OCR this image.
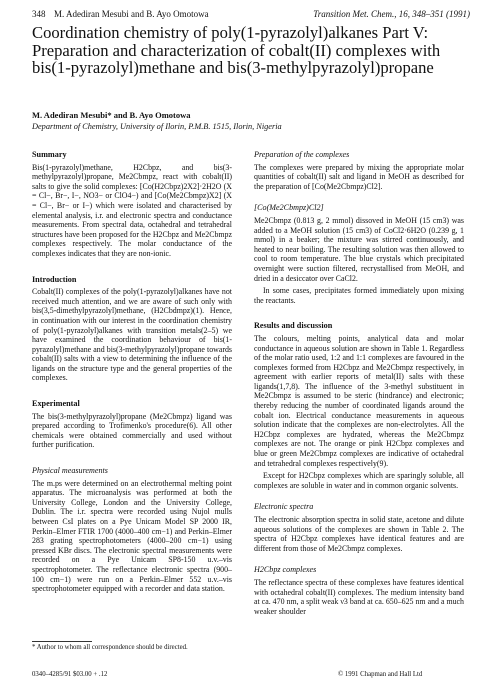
348 M. Adediran Mesubi and B. Ayo Omotowa	Transition Met. Chem., 16, 348–351 (1991)
Coordination chemistry of poly(1-pyrazolyl)alkanes Part V: Preparation and characterization of cobalt(II) complexes with bis(1-pyrazolyl)methane and bis(3-methylpyrazolyl)propane
M. Adediran Mesubi* and B. Ayo Omotowa
Department of Chemistry, University of Ilorin, P.M.B. 1515, Ilorin, Nigeria
Summary

Bis(1-pyrazolyl)methane, H2Cbpz, and bis(3-methylpyrazolyl)propane, Me2Cbmpz, react with cobalt(II) salts to give the solid complexes: [Co(H2Cbpz)2X2]·2H2O (X = Cl−, Br−, I−, NO3− or ClO4−) and [Co(Me2Cbmpz)X2] (X = Cl−, Br− or I−) which were isolated and characterised by elemental analysis, i.r. and electronic spectra and conductance measurements. From spectral data, octahedral and tetrahedral structures have been proposed for the H2Cbpz and Me2Cbmpz complexes respectively. The molar conductance of the complexes indicates that they are non-ionic.

Introduction

Cobalt(II) complexes of the poly(1-pyrazolyl)alkanes have not received much attention, and we are aware of such only with bis(3,5-dimethylpyrazolyl)methane, (H2Cbdmpz)(1). Hence, in continuation with our interest in the coordination chemistry of poly(1-pyrazolyl)alkanes with transition metals(2–5) we have examined the coordination behaviour of bis(1-pyrazolyl)methane and bis(3-methylpyrazolyl)propane towards cobalt(II) salts with a view to determining the influence of the ligands on the structure type and the general properties of the complexes.

Experimental

The bis(3-methylpyrazolyl)propane (Me2Cbmpz) ligand was prepared according to Trofimenko's procedure(6). All other chemicals were obtained commercially and used without further purification.

Physical measurements

The m.ps were determined on an electrothermal melting point apparatus. The microanalysis was performed at both the University College, London and the University College, Dublin. The i.r. spectra were recorded using Nujol mulls between CsI plates on a Pye Unicam Model SP 2000 IR, Perkin–Elmer FTIR 1700 (4000–400 cm−1) and Perkin–Elmer 283 grating spectrophotometers (4000–200 cm−1) using pressed KBr discs. The electronic spectral measurements were recorded on a Pye Unicam SP8-150 u.v.–vis spectrophotometer. The reflectance electronic spectra (900–100 cm−1) were run on a Perkin–Elmer 552 u.v.–vis spectrophotometer equipped with a recorder and data station.

* Author to whom all correspondence should be directed.
0340–4285/91 $03.00 + .12	© 1991 Chapman and Hall Ltd
Preparation of the complexes

The complexes were prepared by mixing the appropriate molar quantities of cobalt(II) salt and ligand in MeOH as described for the preparation of [Co(Me2Cbmpz)Cl2].

[Co(Me2Cbmpz)Cl2]

Me2Cbmpz (0.813 g, 2 mmol) dissoved in MeOH (15 cm3) was added to a MeOH solution (15 cm3) of CoCl2·6H2O (0.239 g, 1 mmol) in a beaker; the mixture was stirred continuously, and heated to near boiling. The resulting solution was then allowed to cool to room temperature. The blue crystals which precipitated overnight were suction filtered, recrystallised from MeOH, and dried in a desiccator over CaCl2.

In some cases, precipitates formed immediately upon mixing the reactants.

Results and discussion

The colours, melting points, analytical data and molar conductance in aqueous solution are shown in Table 1. Regardless of the molar ratio used, 1:2 and 1:1 complexes are favoured in the complexes formed from H2Cbpz and Me2Cbmpz respectively, in agreement with earlier reports of metal(II) salts with these ligands(1,7,8). The influence of the 3-methyl substituent in Me2Cbmpz is assumed to be steric (hindrance) and electronic; thereby reducing the number of coordinated ligands around the cobalt ion. Electrical conductance measurements in aqueous solution indicate that the complexes are non-electrolytes. All the H2Cbpz complexes are hydrated, whereas the Me2Cbmpz complexes are not. The orange or pink H2Cbpz complexes and blue or green Me2Cbmpz complexes are indicative of octahedral and tetrahedral complexes respectively(9).

Except for H2Cbpz complexes which are sparingly soluble, all complexes are soluble in water and in common organic solvents.

Electronic spectra

The electronic absorption spectra in solid state, acetone and dilute aqueous solutions of the complexes are shown in Table 2. The spectra of H2Cbpz complexes have identical features and are different from those of Me2Cbmpz complexes.

H2Cbpz complexes

The reflectance spectra of these complexes have features identical with octahedral cobalt(II) complexes. The medium intensity band at ca. 470 nm, a split weak ν3 band at ca. 650–625 nm and a much weaker shoulder
